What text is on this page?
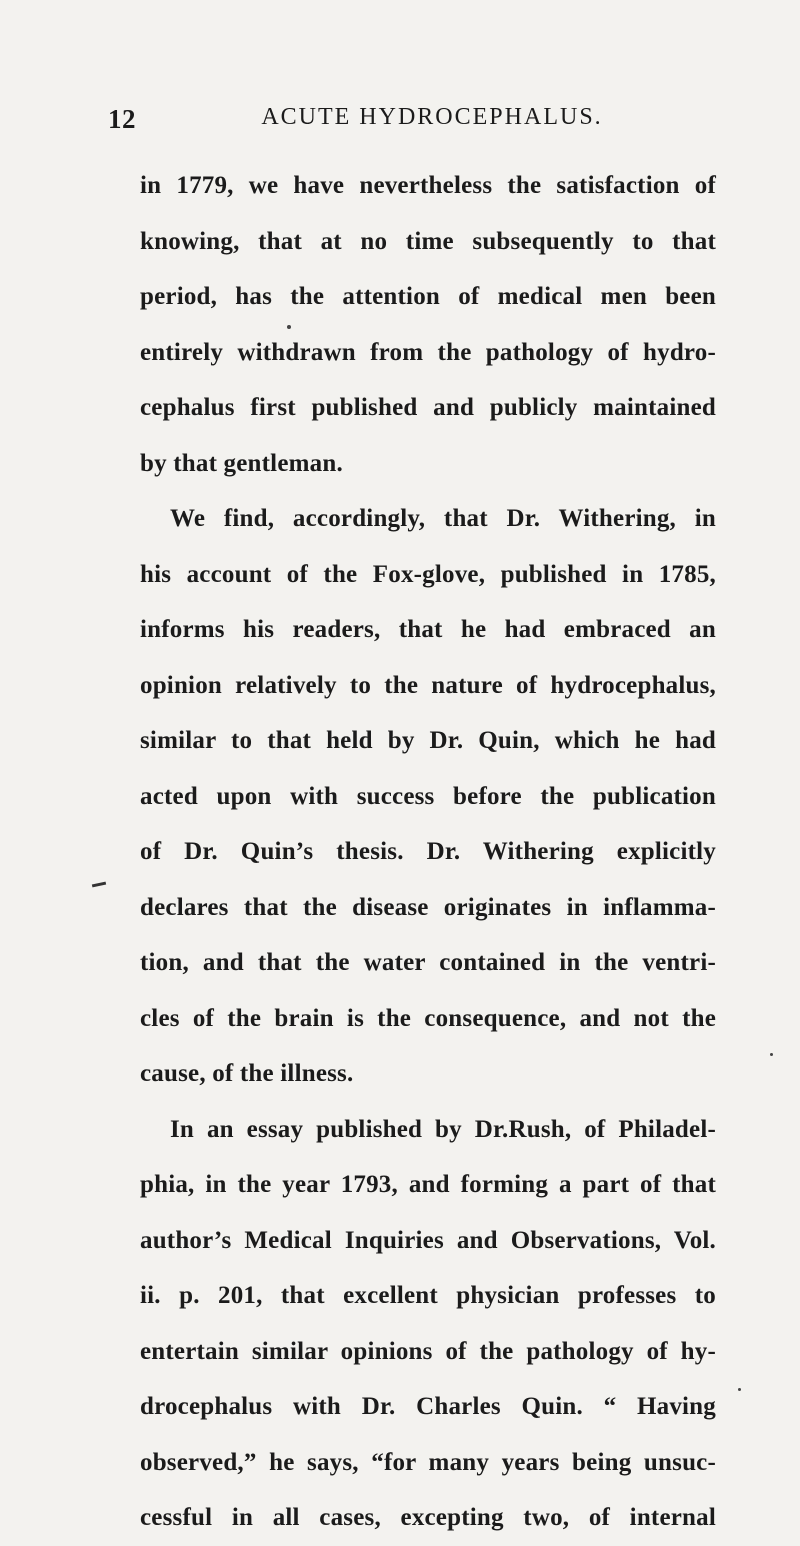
12	ACUTE HYDROCEPHALUS.
in 1779, we have nevertheless the satisfaction of
knowing, that at no time subsequently to that
period, has the attention of medical men been
entirely withdrawn from the pathology of hydro-
cephalus first published and publicly maintained
by that gentleman.
We find, accordingly, that Dr. Withering, in
his account of the Fox-glove, published in 1785,
informs his readers, that he had embraced an
opinion relatively to the nature of hydrocephalus,
similar to that held by Dr. Quin, which he had
acted upon with success before the publication
of Dr. Quin’s thesis. Dr. Withering explicitly
declares that the disease originates in inflamma-
tion, and that the water contained in the ventri-
cles of the brain is the consequence, and not the
cause, of the illness.
In an essay published by Dr.Rush, of Philadel-
phia, in the year 1793, and forming a part of that
author’s Medical Inquiries and Observations, Vol.
ii. p. 201, that excellent physician professes to
entertain similar opinions of the pathology of hy-
drocephalus with Dr. Charles Quin. “ Having
observed,” he says, “for many years being unsuc-
cessful in all cases, excepting two, of internal
